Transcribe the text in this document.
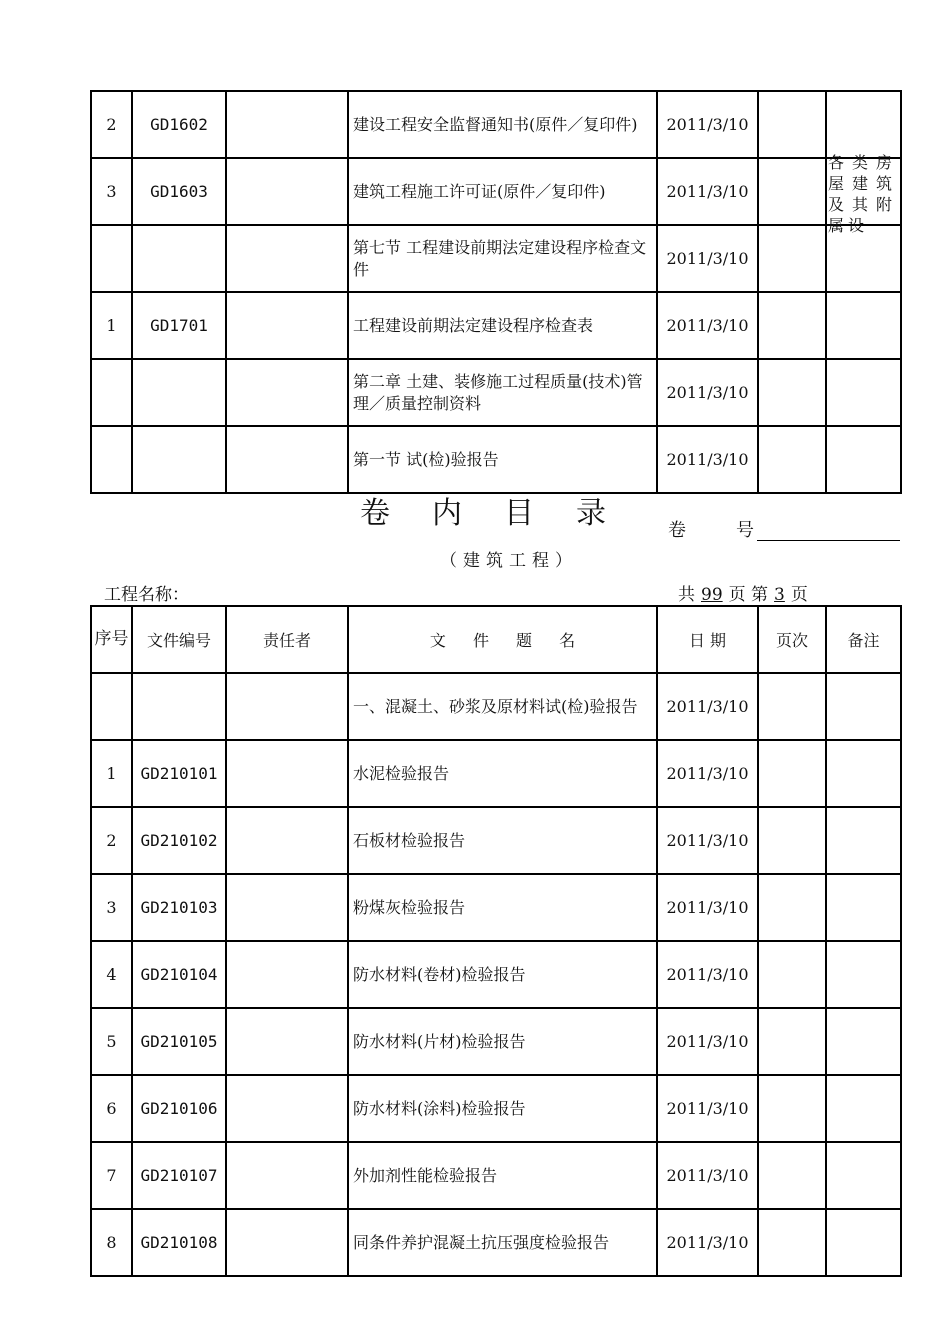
2	GD1602		建设工程安全监督通知书(原件／复印件)	2011/3/10		
3	GD1603		建筑工程施工许可证(原件／复印件)	2011/3/10		
			第七节 工程建设前期法定建设程序检查文件	2011/3/10		
1	GD1701		工程建设前期法定建设程序检查表	2011/3/10		
			第二章 土建、装修施工过程质量(技术)管理／质量控制资料	2011/3/10		
			第一节 试(检)验报告	2011/3/10		
各类房屋建筑及其附属设
卷内目录 卷	号
（建筑工程）
工程名称：	共 99 页 第 3 页
序号	文件编号	责任者	文 件 题 名	日 期	页次	备注
			一、混凝土、砂浆及原材料试(检)验报告	2011/3/10		
1	GD210101		水泥检验报告	2011/3/10		
2	GD210102		石板材检验报告	2011/3/10		
3	GD210103		粉煤灰检验报告	2011/3/10		
4	GD210104		防水材料(卷材)检验报告	2011/3/10		
5	GD210105		防水材料(片材)检验报告	2011/3/10		
6	GD210106		防水材料(涂料)检验报告	2011/3/10		
7	GD210107		外加剂性能检验报告	2011/3/10		
8	GD210108		同条件养护混凝土抗压强度检验报告	2011/3/10		
